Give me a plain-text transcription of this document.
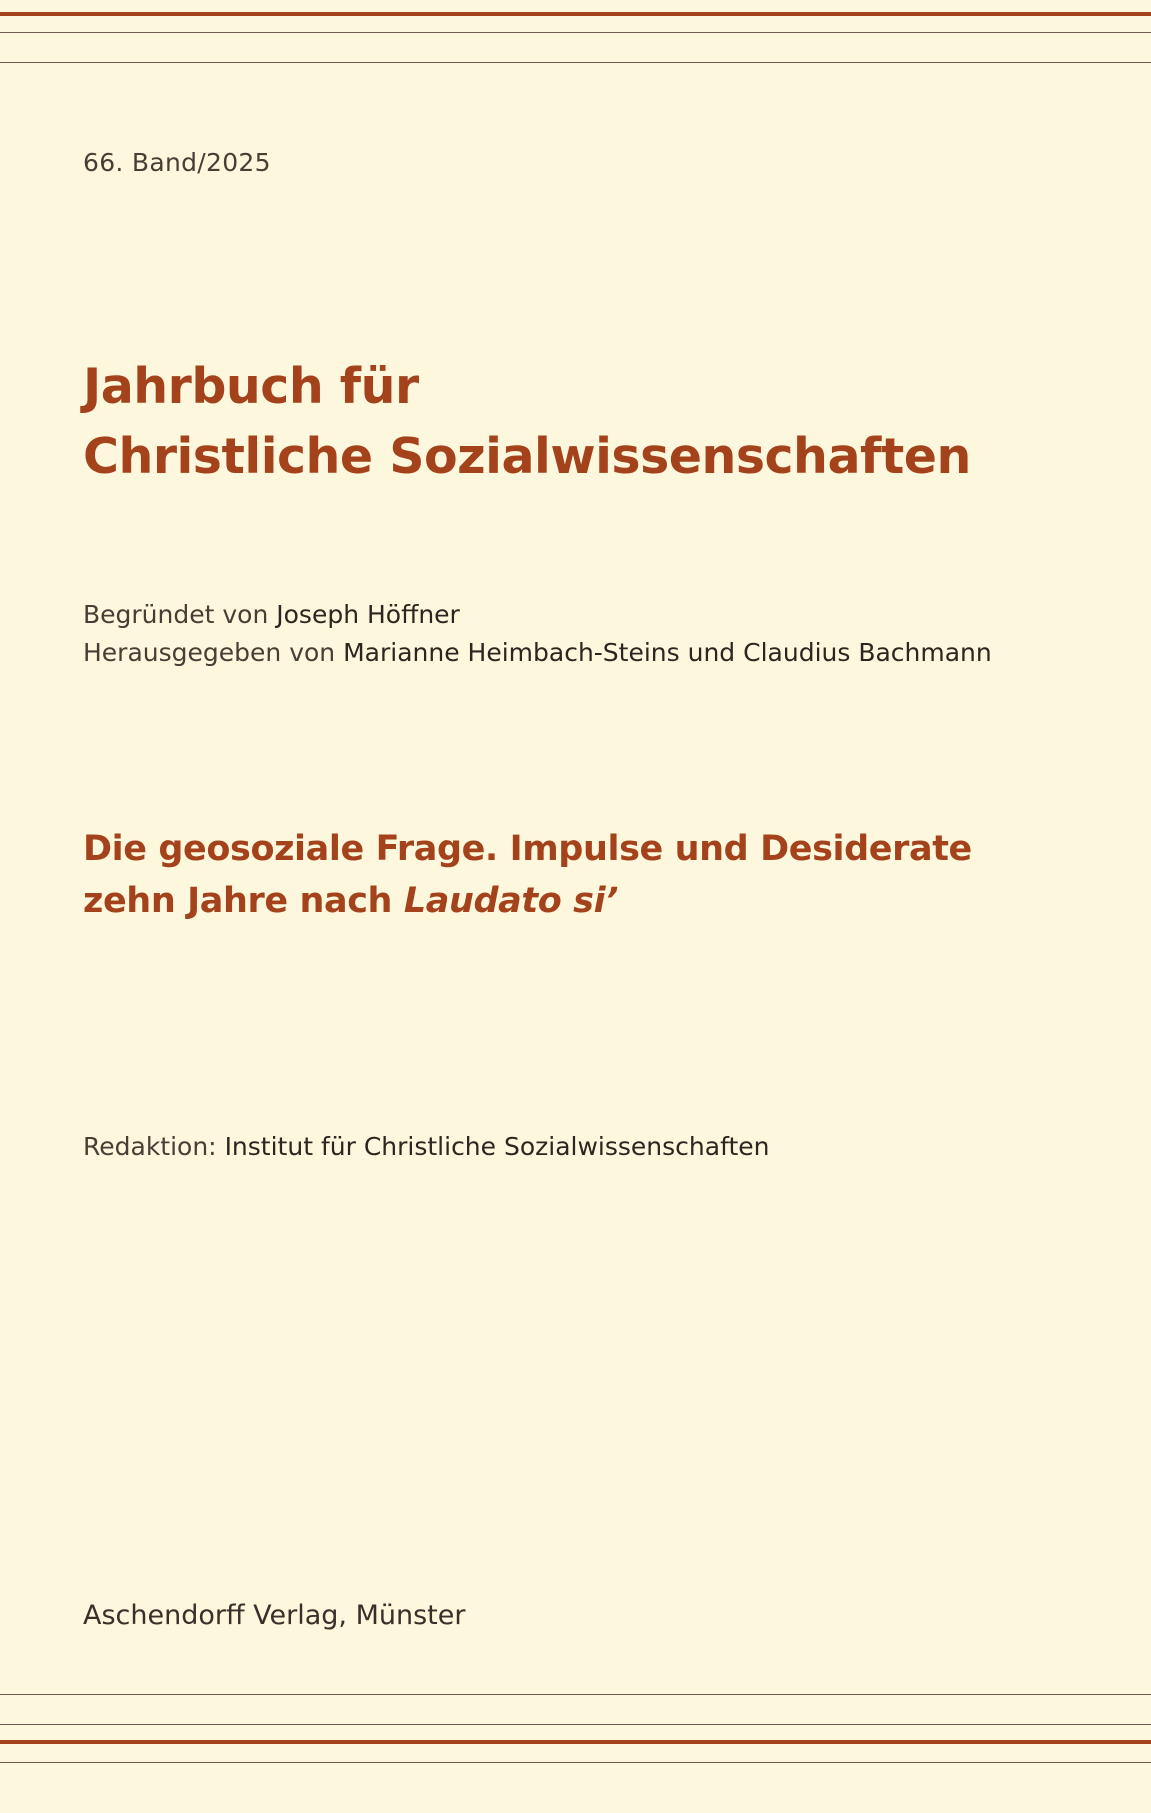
66. Band/2025
Jahrbuch für
Christliche Sozialwissenschaften
Begründet von Joseph Höffner
Herausgegeben von Marianne Heimbach-Steins und Claudius Bachmann
Die geosoziale Frage. Impulse und Desiderate
zehn Jahre nach Laudato si’
Redaktion: Institut für Christliche Sozialwissenschaften
Aschendorff Verlag, Münster
